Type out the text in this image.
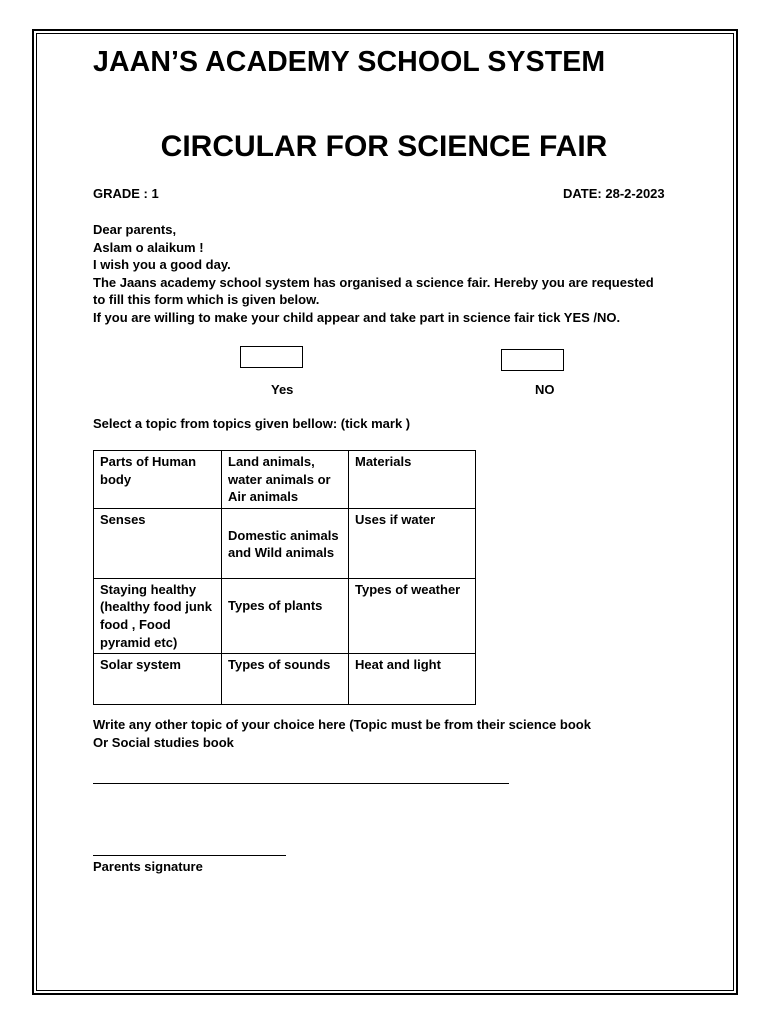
JAAN’S ACADEMY SCHOOL SYSTEM
CIRCULAR FOR SCIENCE FAIR
GRADE : 1	DATE: 28-2-2023
Dear parents,
Aslam o alaikum !
I wish you a good day.
The Jaans academy school system has organised a science fair. Hereby you are requested
to fill this form which is given below.
If you are willing to make your child appear and take part in science fair tick YES /NO.
Yes	NO
Select a topic from topics given bellow: (tick mark )
Parts of Human body	Land animals, water animals or Air animals	Materials
Senses	Domestic animals and Wild animals	Uses if water
Staying healthy (healthy food junk food , Food pyramid etc)	Types of plants	Types of weather
Solar system	Types of sounds	Heat and light
Write any other topic of your choice here (Topic must be from their science book
Or Social studies book
Parents signature
